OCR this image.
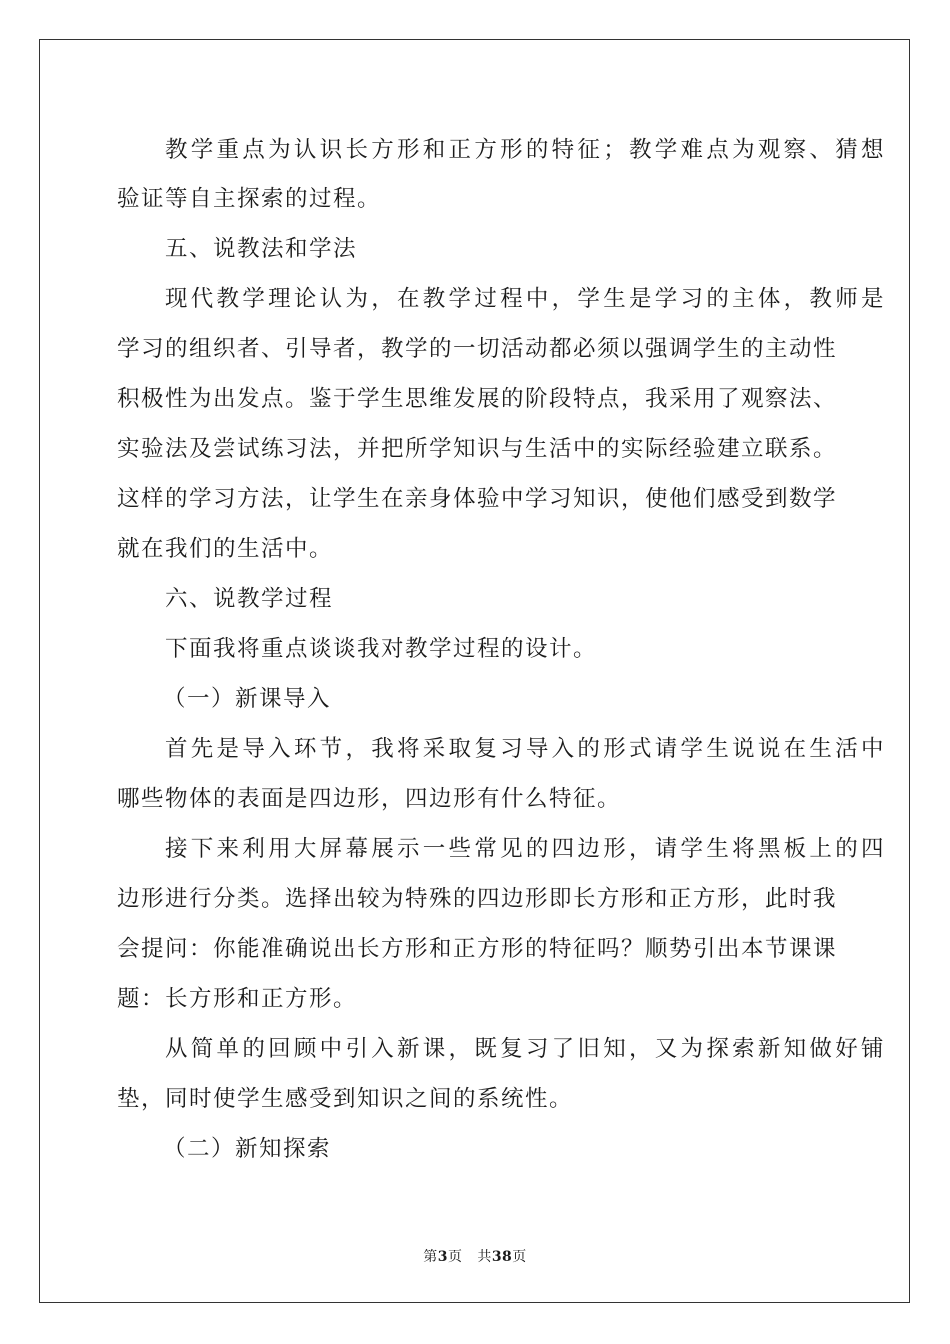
教学重点为认识长方形和正方形的特征；教学难点为观察、猜想
验证等自主探索的过程。
五、说教法和学法
现代教学理论认为，在教学过程中，学生是学习的主体，教师是
学习的组织者、引导者，教学的一切活动都必须以强调学生的主动性
积极性为出发点。鉴于学生思维发展的阶段特点，我采用了观察法、
实验法及尝试练习法，并把所学知识与生活中的实际经验建立联系。
这样的学习方法，让学生在亲身体验中学习知识，使他们感受到数学
就在我们的生活中。
六、说教学过程
下面我将重点谈谈我对教学过程的设计。
（一）新课导入
首先是导入环节，我将采取复习导入的形式请学生说说在生活中
哪些物体的表面是四边形，四边形有什么特征。
接下来利用大屏幕展示一些常见的四边形，请学生将黑板上的四
边形进行分类。选择出较为特殊的四边形即长方形和正方形，此时我
会提问：你能准确说出长方形和正方形的特征吗？顺势引出本节课课
题：长方形和正方形。
从简单的回顾中引入新课，既复习了旧知，又为探索新知做好铺
垫，同时使学生感受到知识之间的系统性。
（二）新知探索
第3页 共38页
